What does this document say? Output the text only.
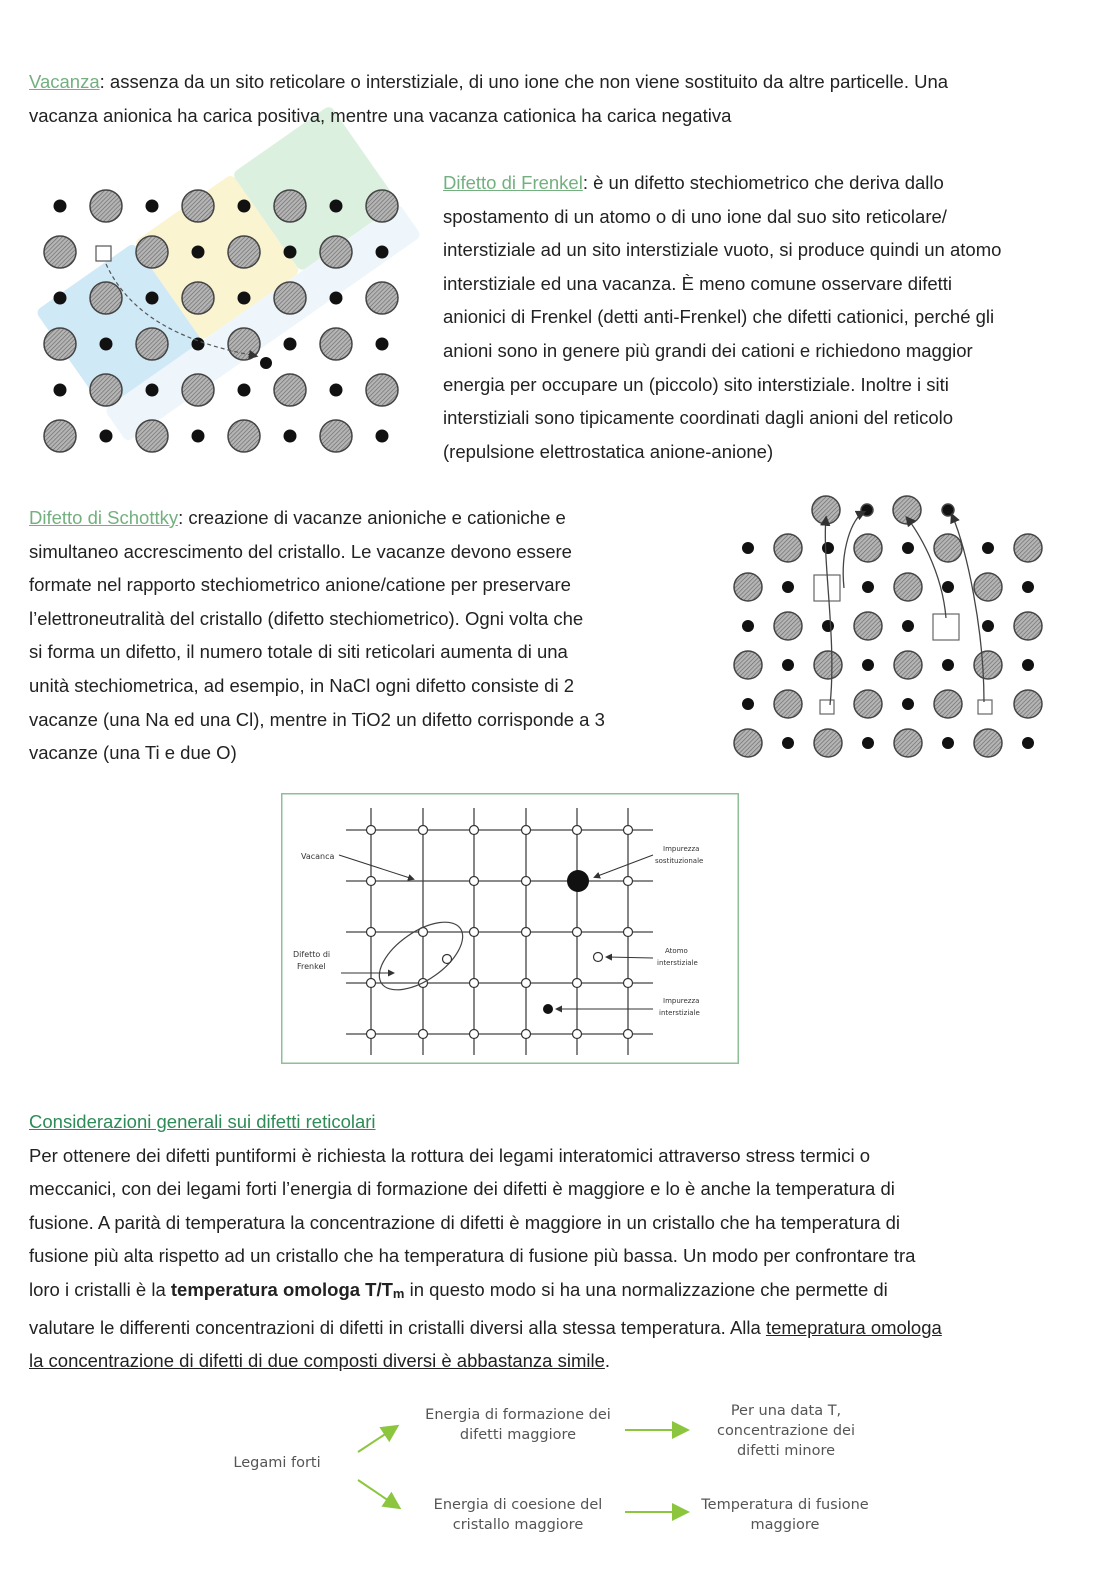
Vacanza: assenza da un sito reticolare o interstiziale, di uno ione che non viene sostituito da altre particelle. Una
vacanza anionica ha carica positiva, mentre una vacanza cationica ha carica negativa

Difetto di Frenkel: è un difetto stechiometrico che deriva dallo
spostamento di un atomo o di uno ione dal suo sito reticolare/
interstiziale ad un sito interstiziale vuoto, si produce quindi un atomo
interstiziale ed una vacanza. È meno comune osservare difetti
anionici di Frenkel (detti anti-Frenkel) che difetti cationici, perché gli
anioni sono in genere più grandi dei cationi e richiedono maggior
energia per occupare un (piccolo) sito interstiziale. Inoltre i siti
interstiziali sono tipicamente coordinati dagli anioni del reticolo
(repulsione elettrostatica anione-anione)

Difetto di Schottky: creazione di vacanze anioniche e cationiche e
simultaneo accrescimento del cristallo. Le vacanze devono essere
formate nel rapporto stechiometrico anione/catione per preservare
l’elettroneutralità del cristallo (difetto stechiometrico). Ogni volta che
si forma un difetto, il numero totale di siti reticolari aumenta di una
unità stechiometrica, ad esempio, in NaCl ogni difetto consiste di 2
vacanze (una Na ed una Cl), mentre in TiO2 un difetto corrisponde a 3
vacanze (una Ti e due O)

Vacanca
Difetto di
Frenkel
Impurezza
sostituzionale
Atomo
interstiziale
Impurezza
interstiziale

Considerazioni generali sui difetti reticolari
Per ottenere dei difetti puntiformi è richiesta la rottura dei legami interatomici attraverso stress termici o
meccanici, con dei legami forti l’energia di formazione dei difetti è maggiore e lo è anche la temperatura di
fusione. A parità di temperatura la concentrazione di difetti è maggiore in un cristallo che ha temperatura di
fusione più alta rispetto ad un cristallo che ha temperatura di fusione più bassa. Un modo per confrontare tra
loro i cristalli è la temperatura omologa $T/T_m$ in questo modo si ha una normalizzazione che permette di
valutare le differenti concentrazioni di difetti in cristalli diversi alla stessa temperatura. Alla temepratura omologa
la concentrazione di difetti di due composti diversi è abbastanza simile.

Legami forti
Energia di formazione dei
difetti maggiore
Per una data T,
concentrazione dei
difetti minore
Energia di coesione del
cristallo maggiore
Temperatura di fusione
maggiore
